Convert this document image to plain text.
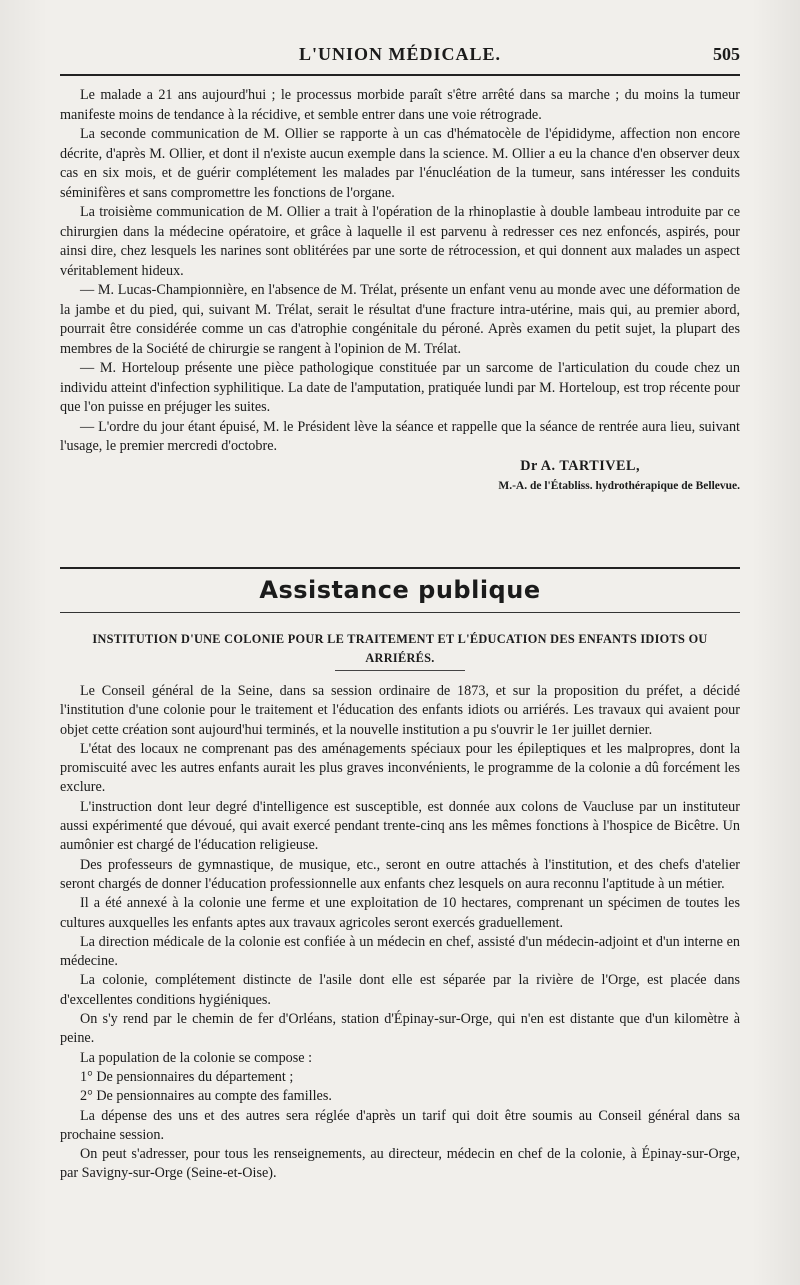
L'UNION MÉDICALE.	505

Le malade a 21 ans aujourd'hui ; le processus morbide paraît s'être arrêté dans sa marche ; du moins la tumeur manifeste moins de tendance à la récidive, et semble entrer dans une voie rétrograde.

La seconde communication de M. Ollier se rapporte à un cas d'hématocèle de l'épididyme, affection non encore décrite, d'après M. Ollier, et dont il n'existe aucun exemple dans la science. M. Ollier a eu la chance d'en observer deux cas en six mois, et de guérir complétement les malades par l'énucléation de la tumeur, sans intéresser les conduits séminifères et sans compromettre les fonctions de l'organe.

La troisième communication de M. Ollier a trait à l'opération de la rhinoplastie à double lambeau introduite par ce chirurgien dans la médecine opératoire, et grâce à laquelle il est parvenu à redresser ces nez enfoncés, aspirés, pour ainsi dire, chez lesquels les narines sont oblitérées par une sorte de rétrocession, et qui donnent aux malades un aspect véritablement hideux.

— M. Lucas-Championnière, en l'absence de M. Trélat, présente un enfant venu au monde avec une déformation de la jambe et du pied, qui, suivant M. Trélat, serait le résultat d'une fracture intra-utérine, mais qui, au premier abord, pourrait être considérée comme un cas d'atrophie congénitale du péroné. Après examen du petit sujet, la plupart des membres de la Société de chirurgie se rangent à l'opinion de M. Trélat.

— M. Horteloup présente une pièce pathologique constituée par un sarcome de l'articulation du coude chez un individu atteint d'infection syphilitique. La date de l'amputation, pratiquée lundi par M. Horteloup, est trop récente pour que l'on puisse en préjuger les suites.

— L'ordre du jour étant épuisé, M. le Président lève la séance et rappelle que la séance de rentrée aura lieu, suivant l'usage, le premier mercredi d'octobre.

Dr A. TARTIVEL,

M.-A. de l'Établiss. hydrothérapique de Bellevue.

Assistance publique
INSTITUTION D'UNE COLONIE POUR LE TRAITEMENT ET L'ÉDUCATION DES ENFANTS IDIOTS OU ARRIÉRÉS.

Le Conseil général de la Seine, dans sa session ordinaire de 1873, et sur la proposition du préfet, a décidé l'institution d'une colonie pour le traitement et l'éducation des enfants idiots ou arriérés. Les travaux qui avaient pour objet cette création sont aujourd'hui terminés, et la nouvelle institution a pu s'ouvrir le 1er juillet dernier.

L'état des locaux ne comprenant pas des aménagements spéciaux pour les épileptiques et les malpropres, dont la promiscuité avec les autres enfants aurait les plus graves inconvénients, le programme de la colonie a dû forcément les exclure.

L'instruction dont leur degré d'intelligence est susceptible, est donnée aux colons de Vaucluse par un instituteur aussi expérimenté que dévoué, qui avait exercé pendant trente-cinq ans les mêmes fonctions à l'hospice de Bicêtre. Un aumônier est chargé de l'éducation religieuse.

Des professeurs de gymnastique, de musique, etc., seront en outre attachés à l'institution, et des chefs d'atelier seront chargés de donner l'éducation professionnelle aux enfants chez lesquels on aura reconnu l'aptitude à un métier.

Il a été annexé à la colonie une ferme et une exploitation de 10 hectares, comprenant un spécimen de toutes les cultures auxquelles les enfants aptes aux travaux agricoles seront exercés graduellement.

La direction médicale de la colonie est confiée à un médecin en chef, assisté d'un médecin-adjoint et d'un interne en médecine.

La colonie, complétement distincte de l'asile dont elle est séparée par la rivière de l'Orge, est placée dans d'excellentes conditions hygiéniques.

On s'y rend par le chemin de fer d'Orléans, station d'Épinay-sur-Orge, qui n'en est distante que d'un kilomètre à peine.

La population de la colonie se compose :

1° De pensionnaires du département ;

2° De pensionnaires au compte des familles.

La dépense des uns et des autres sera réglée d'après un tarif qui doit être soumis au Conseil général dans sa prochaine session.

On peut s'adresser, pour tous les renseignements, au directeur, médecin en chef de la colonie, à Épinay-sur-Orge, par Savigny-sur-Orge (Seine-et-Oise).
